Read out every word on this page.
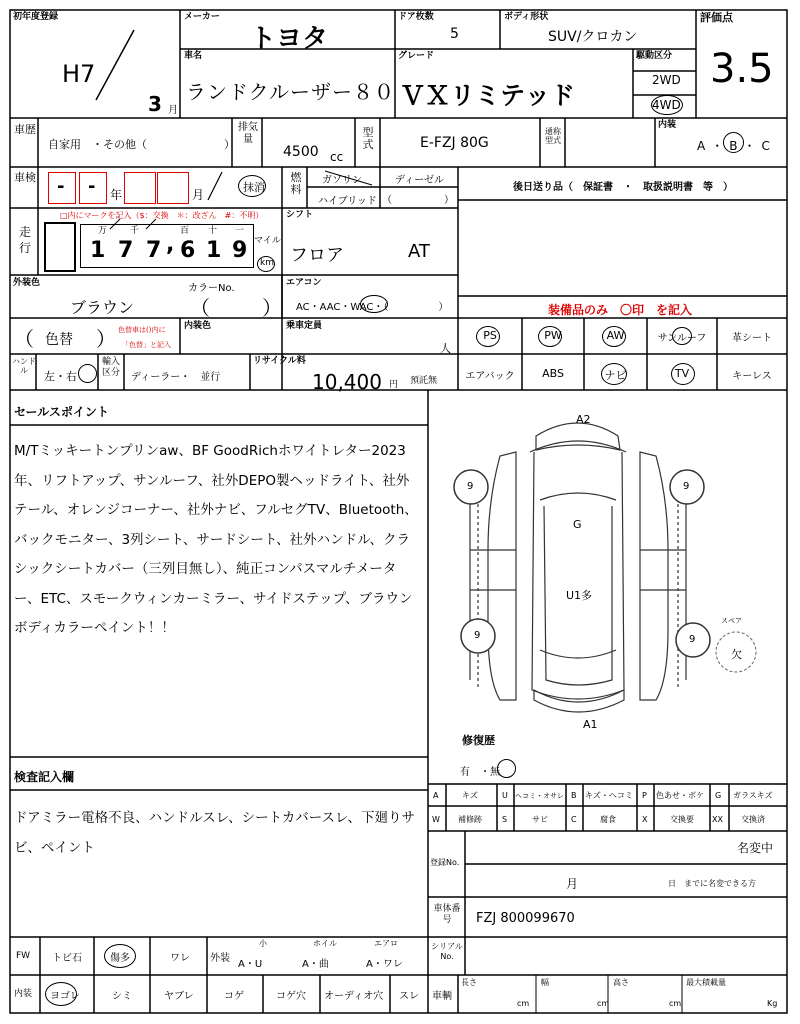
初年度登録
H7
3 月
メーカー
トヨタ
ドア枚数
5
ボディ形状
SUV/クロカン
評価点
3.5
車名
ランドクルーザー８０
グレード
ＶＸリミテッド
駆動区分
2WD
4WD
車歴
自家用　・その他（　　　　　　　）
排気量
4500 cc
型式	E-FZJ 80G
通称型式
内装
A・B・C
車検 - - 年	月
抹消
燃料
ガソリン	ディーゼル
ハイブリッド （	）
後日送り品（　保証書　・　取扱説明書　等　）
走行
□内にマークを記入（$：交換　＊：改ざん　#：不明）
万	千	百 十 一
1 7 7 , 6 1 9 マイル
km
シフト
フロア	AT
装備品のみ　〇印　を記入
外装色
ブラウン
カラーNo.
（	）
エアコン
AC・AAC・WAC・（　　　　　）
（ 色替 ） 色替車は()内に
「色替」と記入
内装色	乗車定員
人
PS	PW	AW	サンルーフ	革シート
エアバック	ABS	ナビ	TV	キーレス
ハンドル	左・右
輸入区分 ディーラー・　並行
リサイクル料
10,400 円 預託無
セールスポイント
M/Tミッキートンプリンaw、BF GoodRichホワイトレター2023年、リフトアップ、サンルーフ、社外DEPO製ヘッドライト、社外テール、オレンジコーナー、社外ナビ、フルセグTV、Bluetooth、バックモニター、3列シート、サードシート、社外ハンドル、クラシックシートカバー（三列目無し）、純正コンパスマルチメーター、ETC、スモークウィンカーミラー、サイドステップ、ブラウンボディカラーペイント！！
A2
G
U1多
A1
スペア
欠
9	9
9	9
修復歴
有　・無
検査記入欄
ドアミラー電格不良、ハンドルスレ、シートカバースレ、下廻りサビ、ペイント
A	キズ	U ヘコミ・オサレ B キズ・ヘコミ P 色あせ・ボケ G ガラスキズ
W 補修跡	S	サビ	C	腐食	X	交換要 XX 交換済
登録No.
名変中
月	日　までに名変できる方
車体番号	FZJ 800099670
FW トビ石	傷多	ワレ 外装
小
A・U
ホイル
A・曲
エアロ
A・ワレ
シリアルNo.
内装 ヨゴレ	シミ	ヤブレ	コゲ	コゲ穴 オーディオ穴 スレ 車輌
長さ
cm
幅
cm
高さ
cm
最大積載量
Kg
